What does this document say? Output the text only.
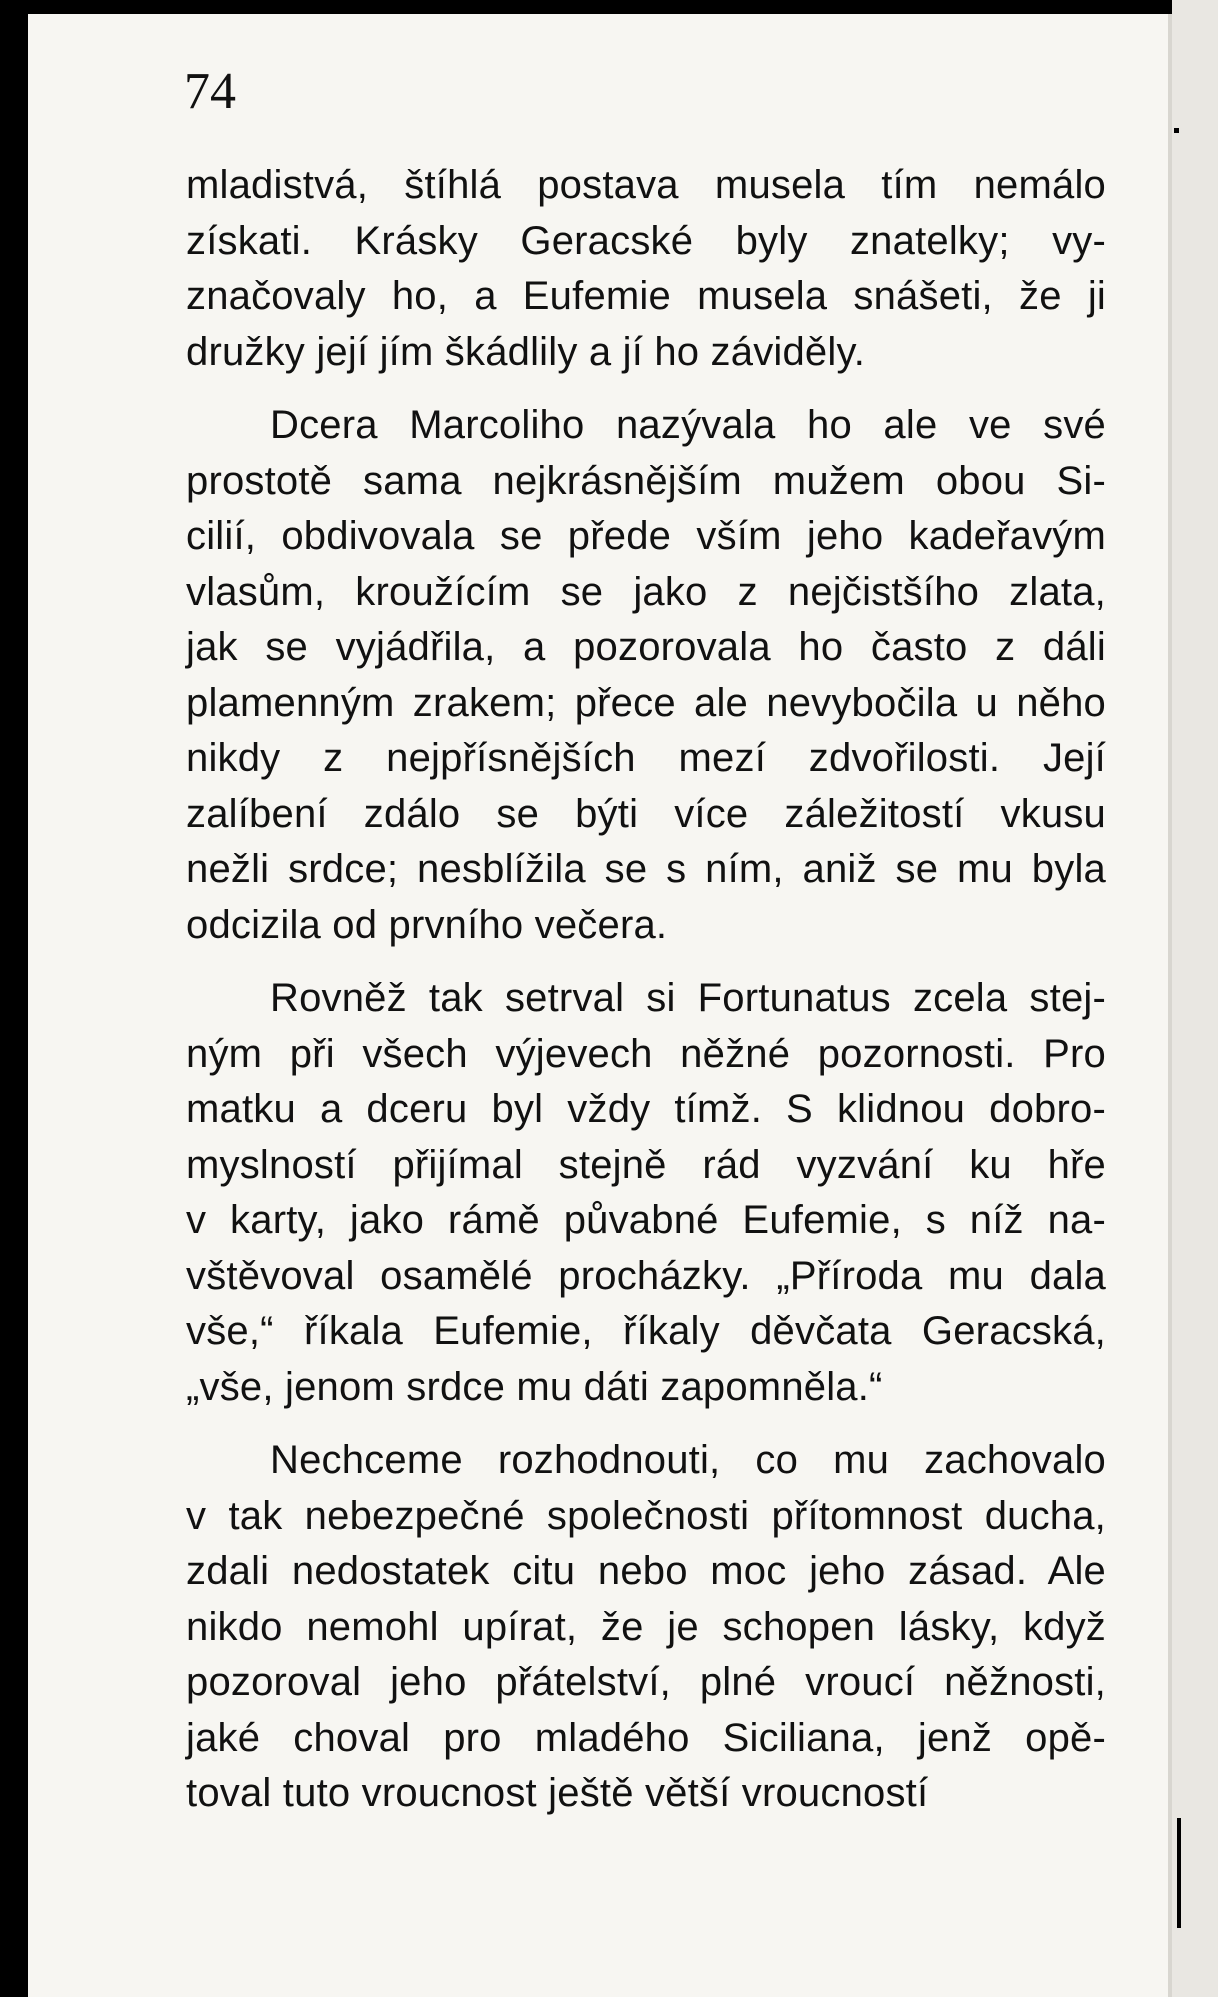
74
mladistvá, štíhlá postava musela tím nemálo
získati. Krásky Geracské byly znatelky; vy-
značovaly ho, a Eufemie musela snášeti, že ji
družky její jím škádlily a jí ho záviděly.
Dcera Marcoliho nazývala ho ale ve své
prostotě sama nejkrásnějším mužem obou Si-
cilií, obdivovala se přede vším jeho kadeřavým
vlasům, kroužícím se jako z nejčistšího zlata,
jak se vyjádřila, a pozorovala ho často z dáli
plamenným zrakem; přece ale nevybočila u něho
nikdy z nejpřísnějších mezí zdvořilosti. Její
zalíbení zdálo se býti více záležitostí vkusu
nežli srdce; nesblížila se s ním, aniž se mu byla
odcizila od prvního večera.
Rovněž tak setrval si Fortunatus zcela stej-
ným při všech výjevech něžné pozornosti. Pro
matku a dceru byl vždy tímž. S klidnou dobro-
myslností přijímal stejně rád vyzvání ku hře
v karty, jako rámě půvabné Eufemie, s níž na-
vštěvoval osamělé procházky. „Příroda mu dala
vše,“ říkala Eufemie, říkaly děvčata Geracská,
„vše, jenom srdce mu dáti zapomněla.“
Nechceme rozhodnouti, co mu zachovalo
v tak nebezpečné společnosti přítomnost ducha,
zdali nedostatek citu nebo moc jeho zásad. Ale
nikdo nemohl upírat, že je schopen lásky, když
pozoroval jeho přátelství, plné vroucí něžnosti,
jaké choval pro mladého Siciliana, jenž opě-
toval tuto vroucnost ještě větší vroucností
